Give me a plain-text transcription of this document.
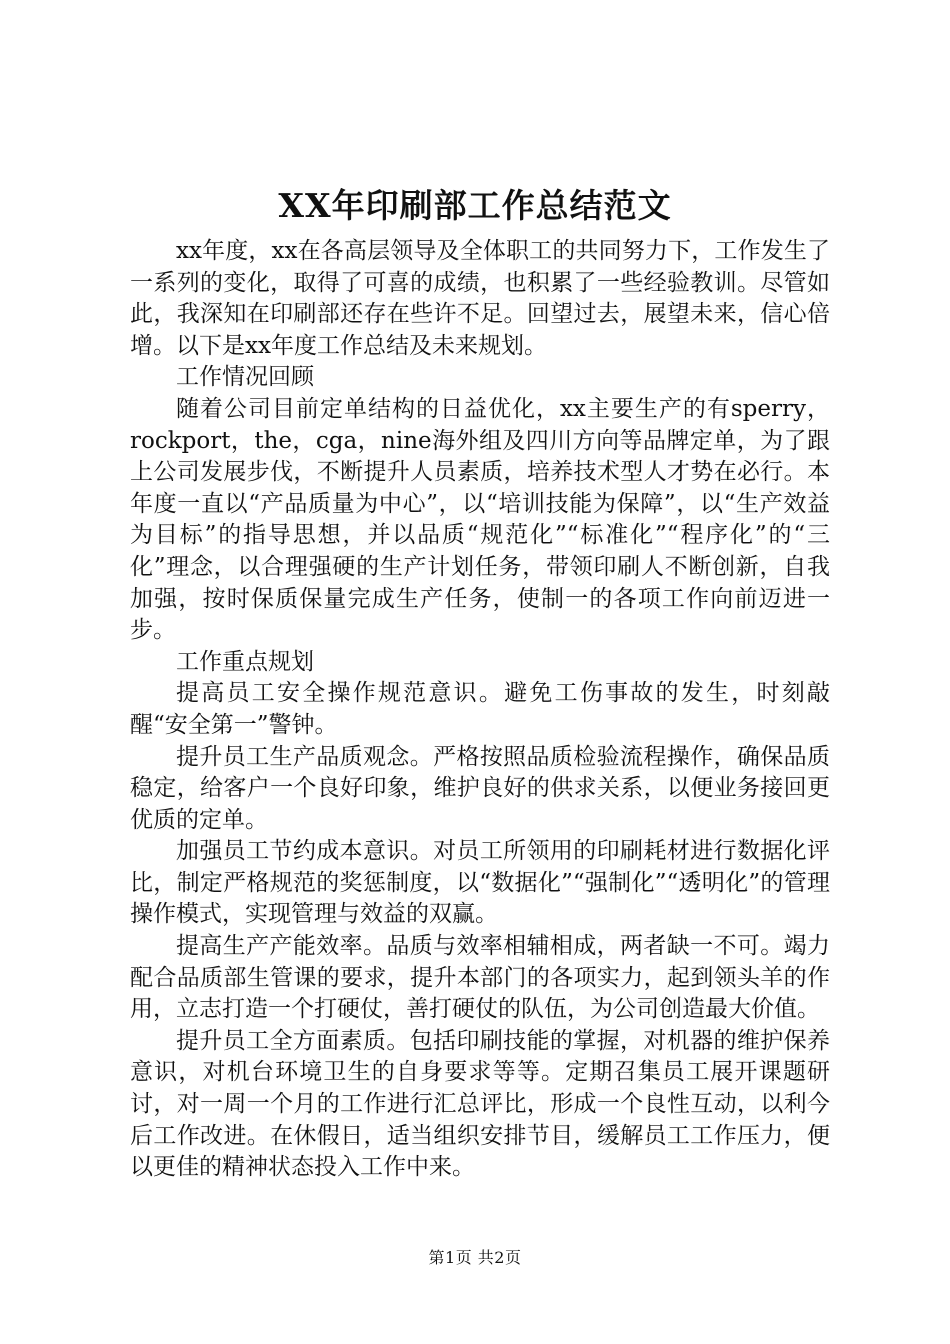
XX年印刷部工作总结范文

xx年度，xx在各高层领导及全体职工的共同努力下，工作发生了一系列的变化，取得了可喜的成绩，也积累了一些经验教训。尽管如此，我深知在印刷部还存在些许不足。回望过去，展望未来，信心倍增。以下是xx年度工作总结及未来规划。

工作情况回顾

随着公司目前定单结构的日益优化，xx主要生产的有sperry，rockport，the，cga，nine海外组及四川方向等品牌定单，为了跟上公司发展步伐，不断提升人员素质，培养技术型人才势在必行。本年度一直以“产品质量为中心”，以“培训技能为保障”，以“生产效益为目标”的指导思想，并以品质“规范化”“标准化”“程序化”的“三化”理念，以合理强硬的生产计划任务，带领印刷人不断创新，自我加强，按时保质保量完成生产任务，使制一的各项工作向前迈进一步。

工作重点规划

提高员工安全操作规范意识。避免工伤事故的发生，时刻敲醒“安全第一”警钟。

提升员工生产品质观念。严格按照品质检验流程操作，确保品质稳定，给客户一个良好印象，维护良好的供求关系，以便业务接回更优质的定单。

加强员工节约成本意识。对员工所领用的印刷耗材进行数据化评比，制定严格规范的奖惩制度，以“数据化”“强制化”“透明化”的管理操作模式，实现管理与效益的双赢。

提高生产产能效率。品质与效率相辅相成，两者缺一不可。竭力配合品质部生管课的要求，提升本部门的各项实力，起到领头羊的作用，立志打造一个打硬仗，善打硬仗的队伍，为公司创造最大价值。

提升员工全方面素质。包括印刷技能的掌握，对机器的维护保养意识，对机台环境卫生的自身要求等等。定期召集员工展开课题研讨，对一周一个月的工作进行汇总评比，形成一个良性互动，以利今后工作改进。在休假日，适当组织安排节目，缓解员工工作压力，便以更佳的精神状态投入工作中来。

第1页 共2页
